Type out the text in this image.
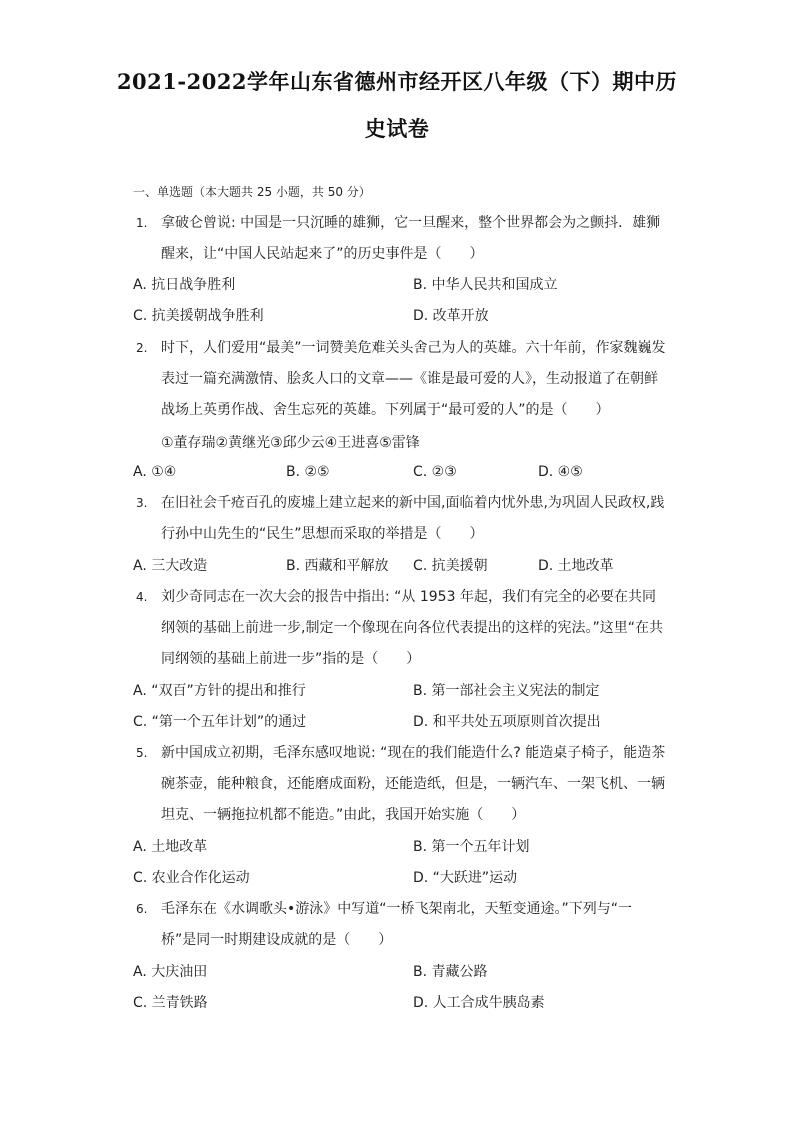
2021-2022学年山东省德州市经开区八年级（下）期中历
史试卷
一、单选题（本大题共 25 小题，共 50 分）
1. 拿破仑曾说: 中国是一只沉睡的雄狮，它一旦醒来，整个世界都会为之颤抖．雄狮醒来，让“中国人民站起来了”的历史事件是（　　）
A. 抗日战争胜利	B. 中华人民共和国成立
C. 抗美援朝战争胜利	D. 改革开放
2. 时下，人们爱用“最美”一词赞美危难关头舍己为人的英雄。六十年前，作家魏巍发表过一篇充满激情、脍炙人口的文章——《谁是最可爱的人》，生动报道了在朝鲜战场上英勇作战、舍生忘死的英雄。下列属于“最可爱的人”的是（　　）
①董存瑞②黄继光③邱少云④王进喜⑤雷锋
A. ①④	B. ②⑤	C. ②③	D. ④⑤
3. 在旧社会千疮百孔的废墟上建立起来的新中国,面临着内忧外患,为巩固人民政权,践行孙中山先生的“民生”思想而采取的举措是（　　）
A. 三大改造	B. 西藏和平解放 C. 抗美援朝	D. 土地改革
4. 刘少奇同志在一次大会的报告中指出: “从 1953 年起，我们有完全的必要在共同纲领的基础上前进一步,制定一个像现在向各位代表提出的这样的宪法。”这里“在共同纲领的基础上前进一步”指的是（　　）
A. “双百”方针的提出和推行	B. 第一部社会主义宪法的制定
C. “第一个五年计划”的通过	D. 和平共处五项原则首次提出
5. 新中国成立初期，毛泽东感叹地说: “现在的我们能造什么? 能造桌子椅子，能造茶碗茶壶，能种粮食，还能磨成面粉，还能造纸，但是，一辆汽车、一架飞机、一辆坦克、一辆拖拉机都不能造。”由此，我国开始实施（　　）
A. 土地改革	B. 第一个五年计划
C. 农业合作化运动	D. “大跃进”运动
6. 毛泽东在《水调歌头•游泳》中写道“一桥飞架南北，天堑变通途。”下列与“一桥”是同一时期建设成就的是（　　）
A. 大庆油田	B. 青藏公路
C. 兰青铁路	D. 人工合成牛胰岛素
